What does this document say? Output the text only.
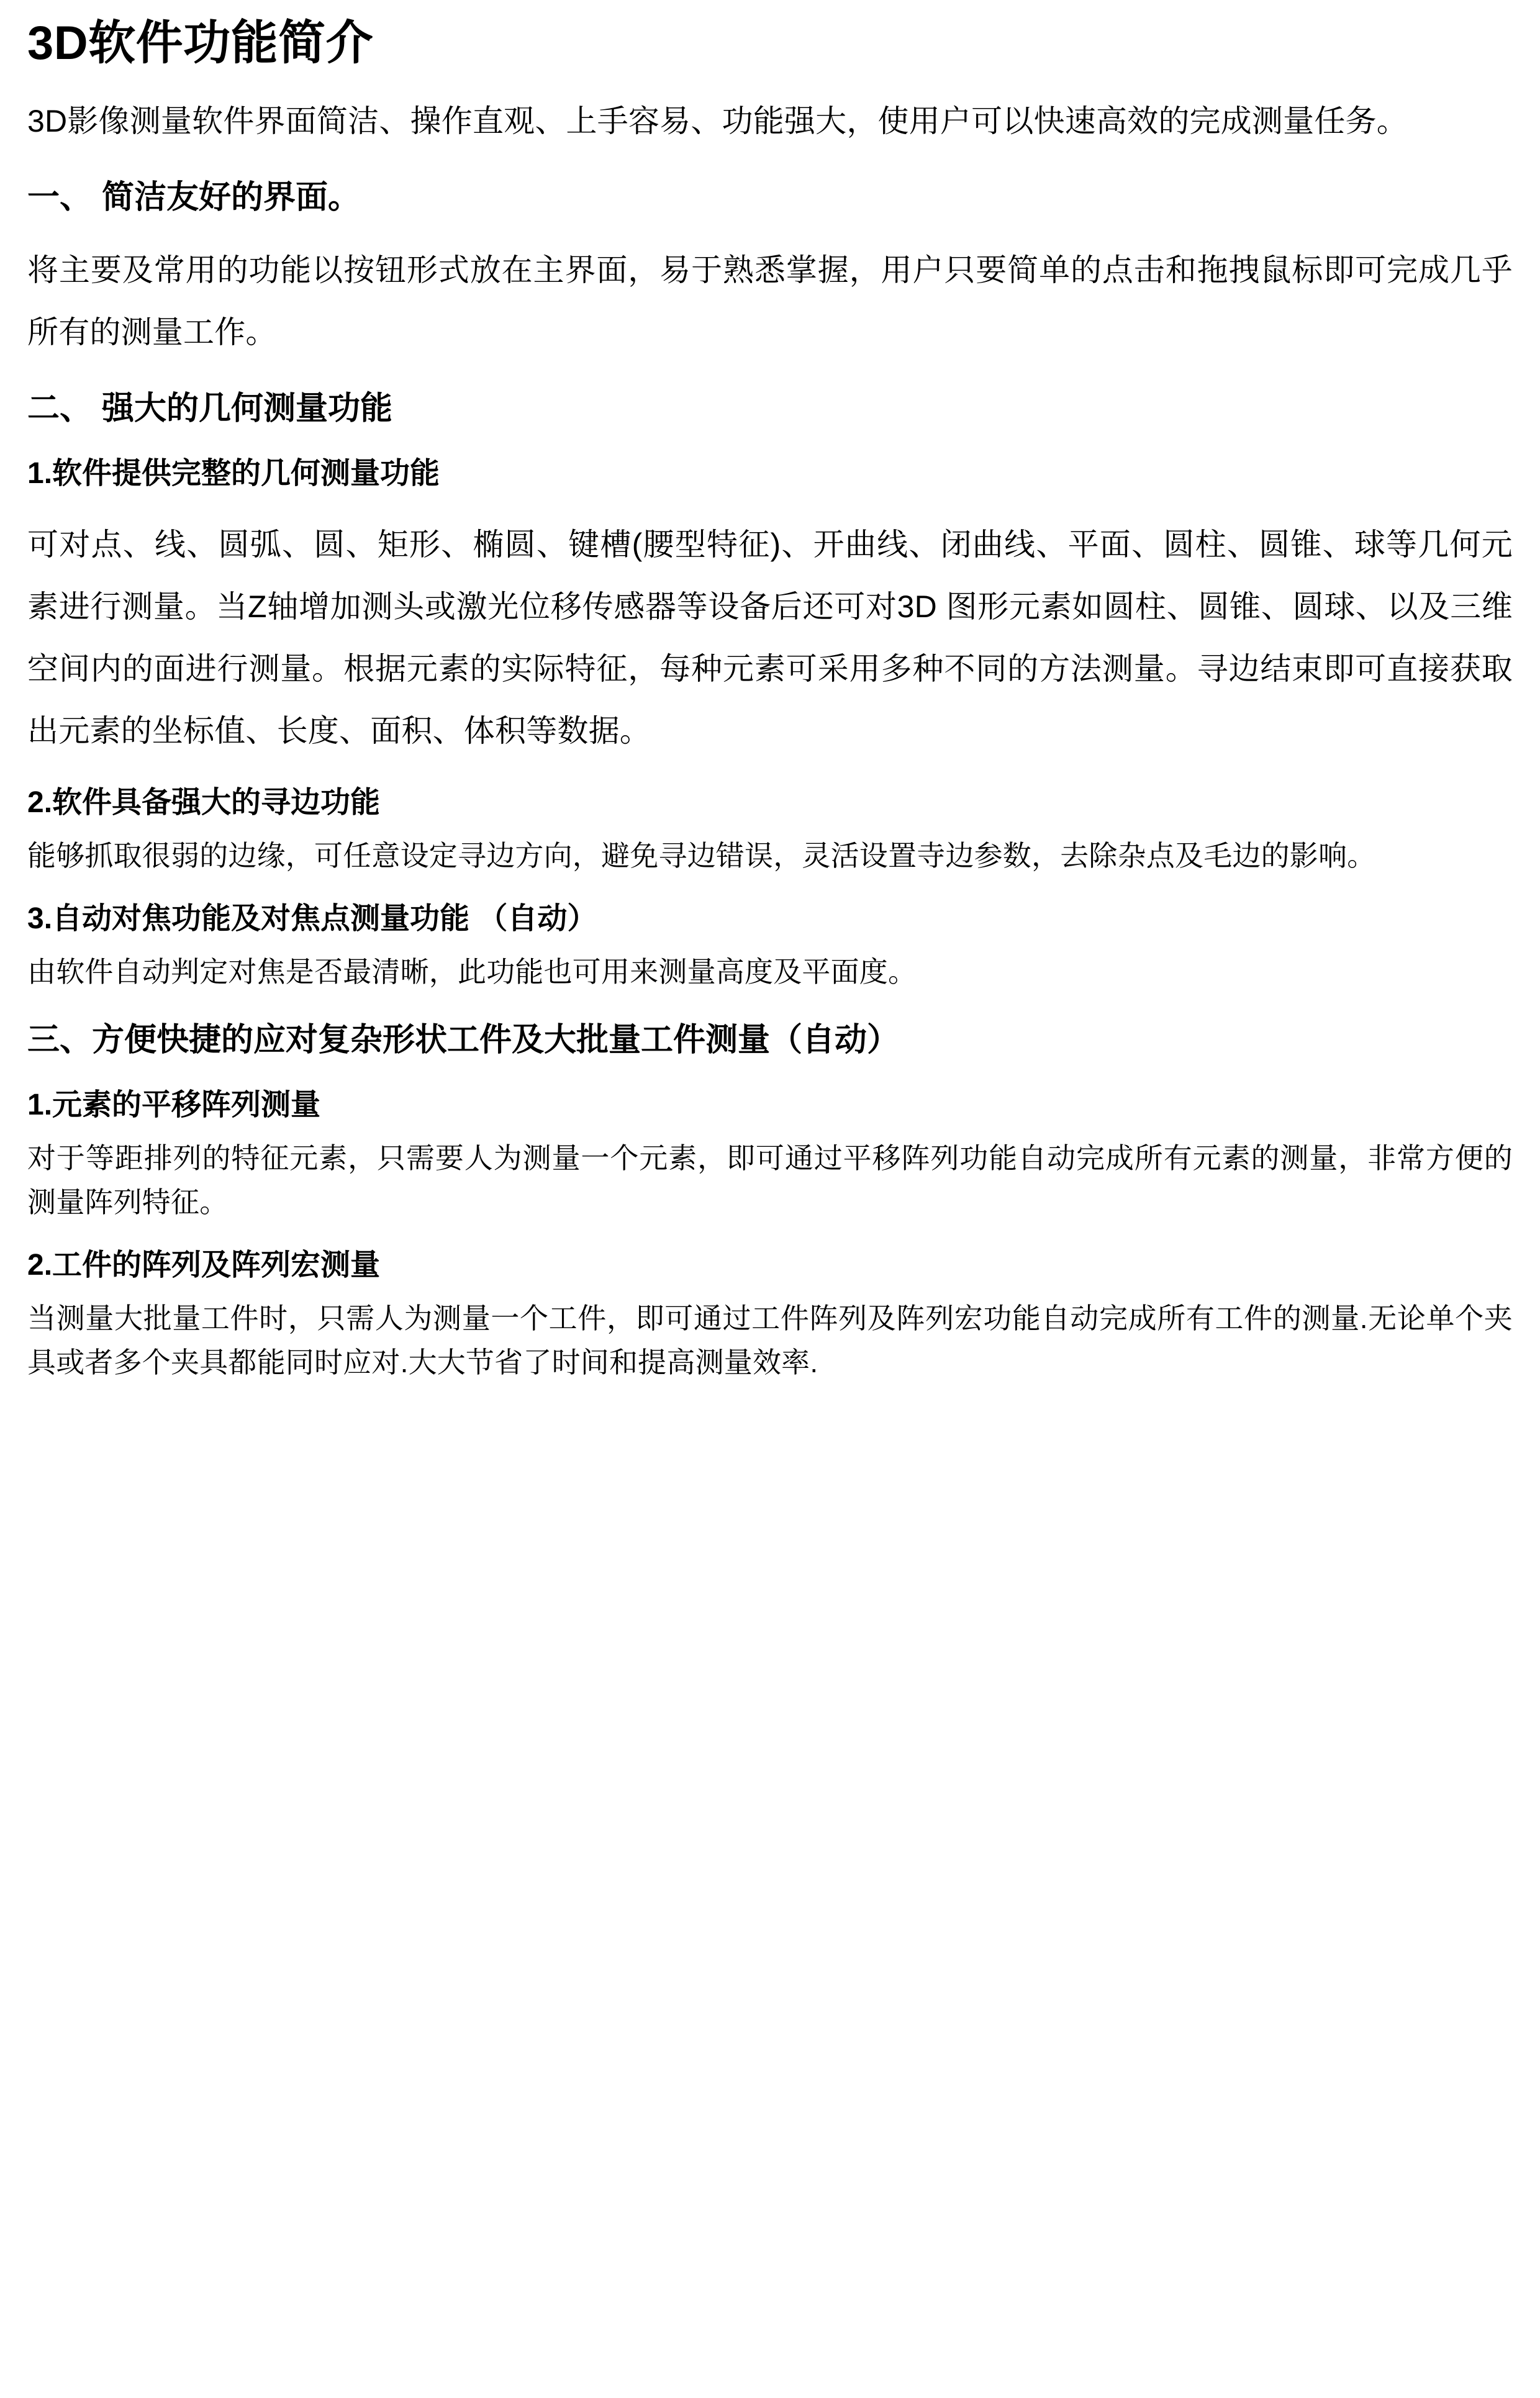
3D软件功能简介

3D影像测量软件界面简洁、操作直观、上手容易、功能强大，使用户可以快速高效的完成测量任务。

一、 简洁友好的界面。

将主要及常用的功能以按钮形式放在主界面，易于熟悉掌握，用户只要简单的点击和拖拽鼠标即可完成几乎所有的测量工作。

二、 强大的几何测量功能
1.软件提供完整的几何测量功能

可对点、线、圆弧、圆、矩形、椭圆、键槽(腰型特征)、开曲线、闭曲线、平面、圆柱、圆锥、球等几何元素进行测量。当Z轴增加测头或激光位移传感器等设备后还可对3D 图形元素如圆柱、圆锥、圆球、以及三维空间内的面进行测量。根据元素的实际特征，每种元素可采用多种不同的方法测量。寻边结束即可直接获取出元素的坐标值、长度、面积、体积等数据。

2.软件具备强大的寻边功能

能够抓取很弱的边缘，可任意设定寻边方向，避免寻边错误，灵活设置寺边参数，去除杂点及毛边的影响。

3.自动对焦功能及对焦点测量功能 （自动）

由软件自动判定对焦是否最清晰，此功能也可用来测量高度及平面度。

三、方便快捷的应对复杂形状工件及大批量工件测量（自动）
1.元素的平移阵列测量

对于等距排列的特征元素，只需要人为测量一个元素，即可通过平移阵列功能自动完成所有元素的测量，非常方便的测量阵列特征。

2.工件的阵列及阵列宏测量

当测量大批量工件时，只需人为测量一个工件，即可通过工件阵列及阵列宏功能自动完成所有工件的测量.无论单个夹具或者多个夹具都能同时应对.大大节省了时间和提高测量效率.
